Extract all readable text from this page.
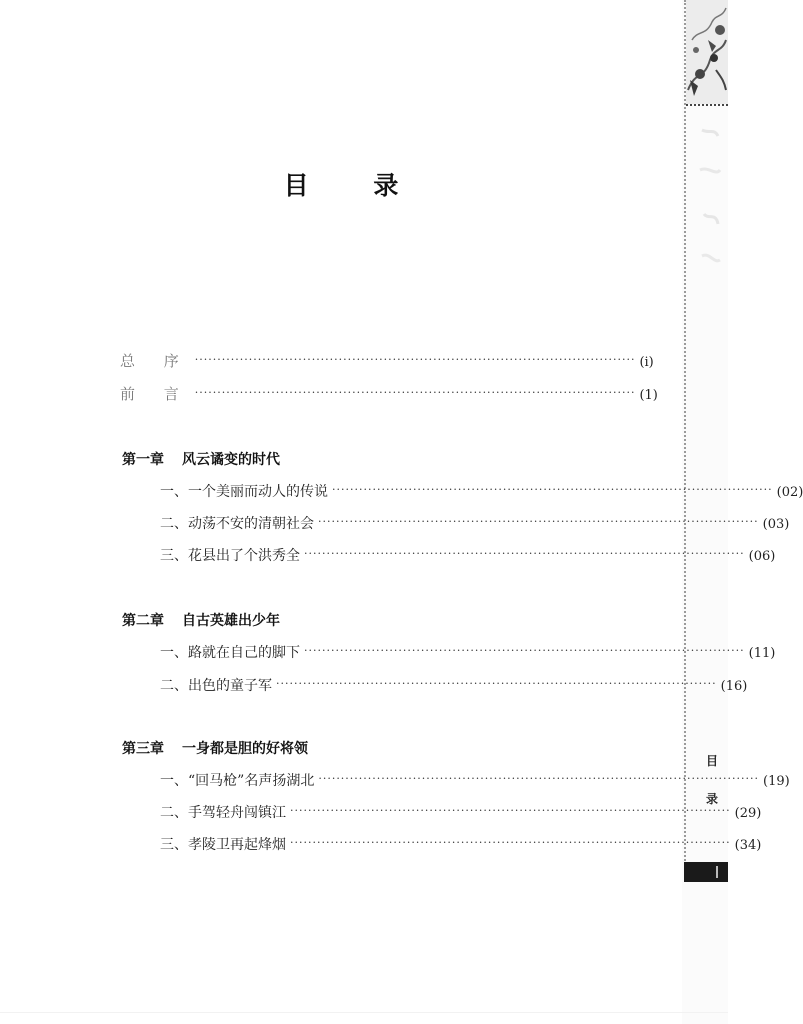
目
录
目 录
总 序 ·································································································· (ⅰ)
前 言 ·································································································· (1)
第一章 风云谲变的时代
一、一个美丽而动人的传说 ·································································································· (02)
二、动荡不安的清朝社会 ·································································································· (03)
三、花县出了个洪秀全 ·································································································· (06)
第二章 自古英雄出少年
一、路就在自己的脚下 ·································································································· (11)
二、出色的童子军 ·································································································· (16)
第三章 一身都是胆的好将领
一、“回马枪”名声扬湖北 ·································································································· (19)
二、手驾轻舟闯镇江 ·································································································· (29)
三、孝陵卫再起烽烟 ·································································································· (34)
